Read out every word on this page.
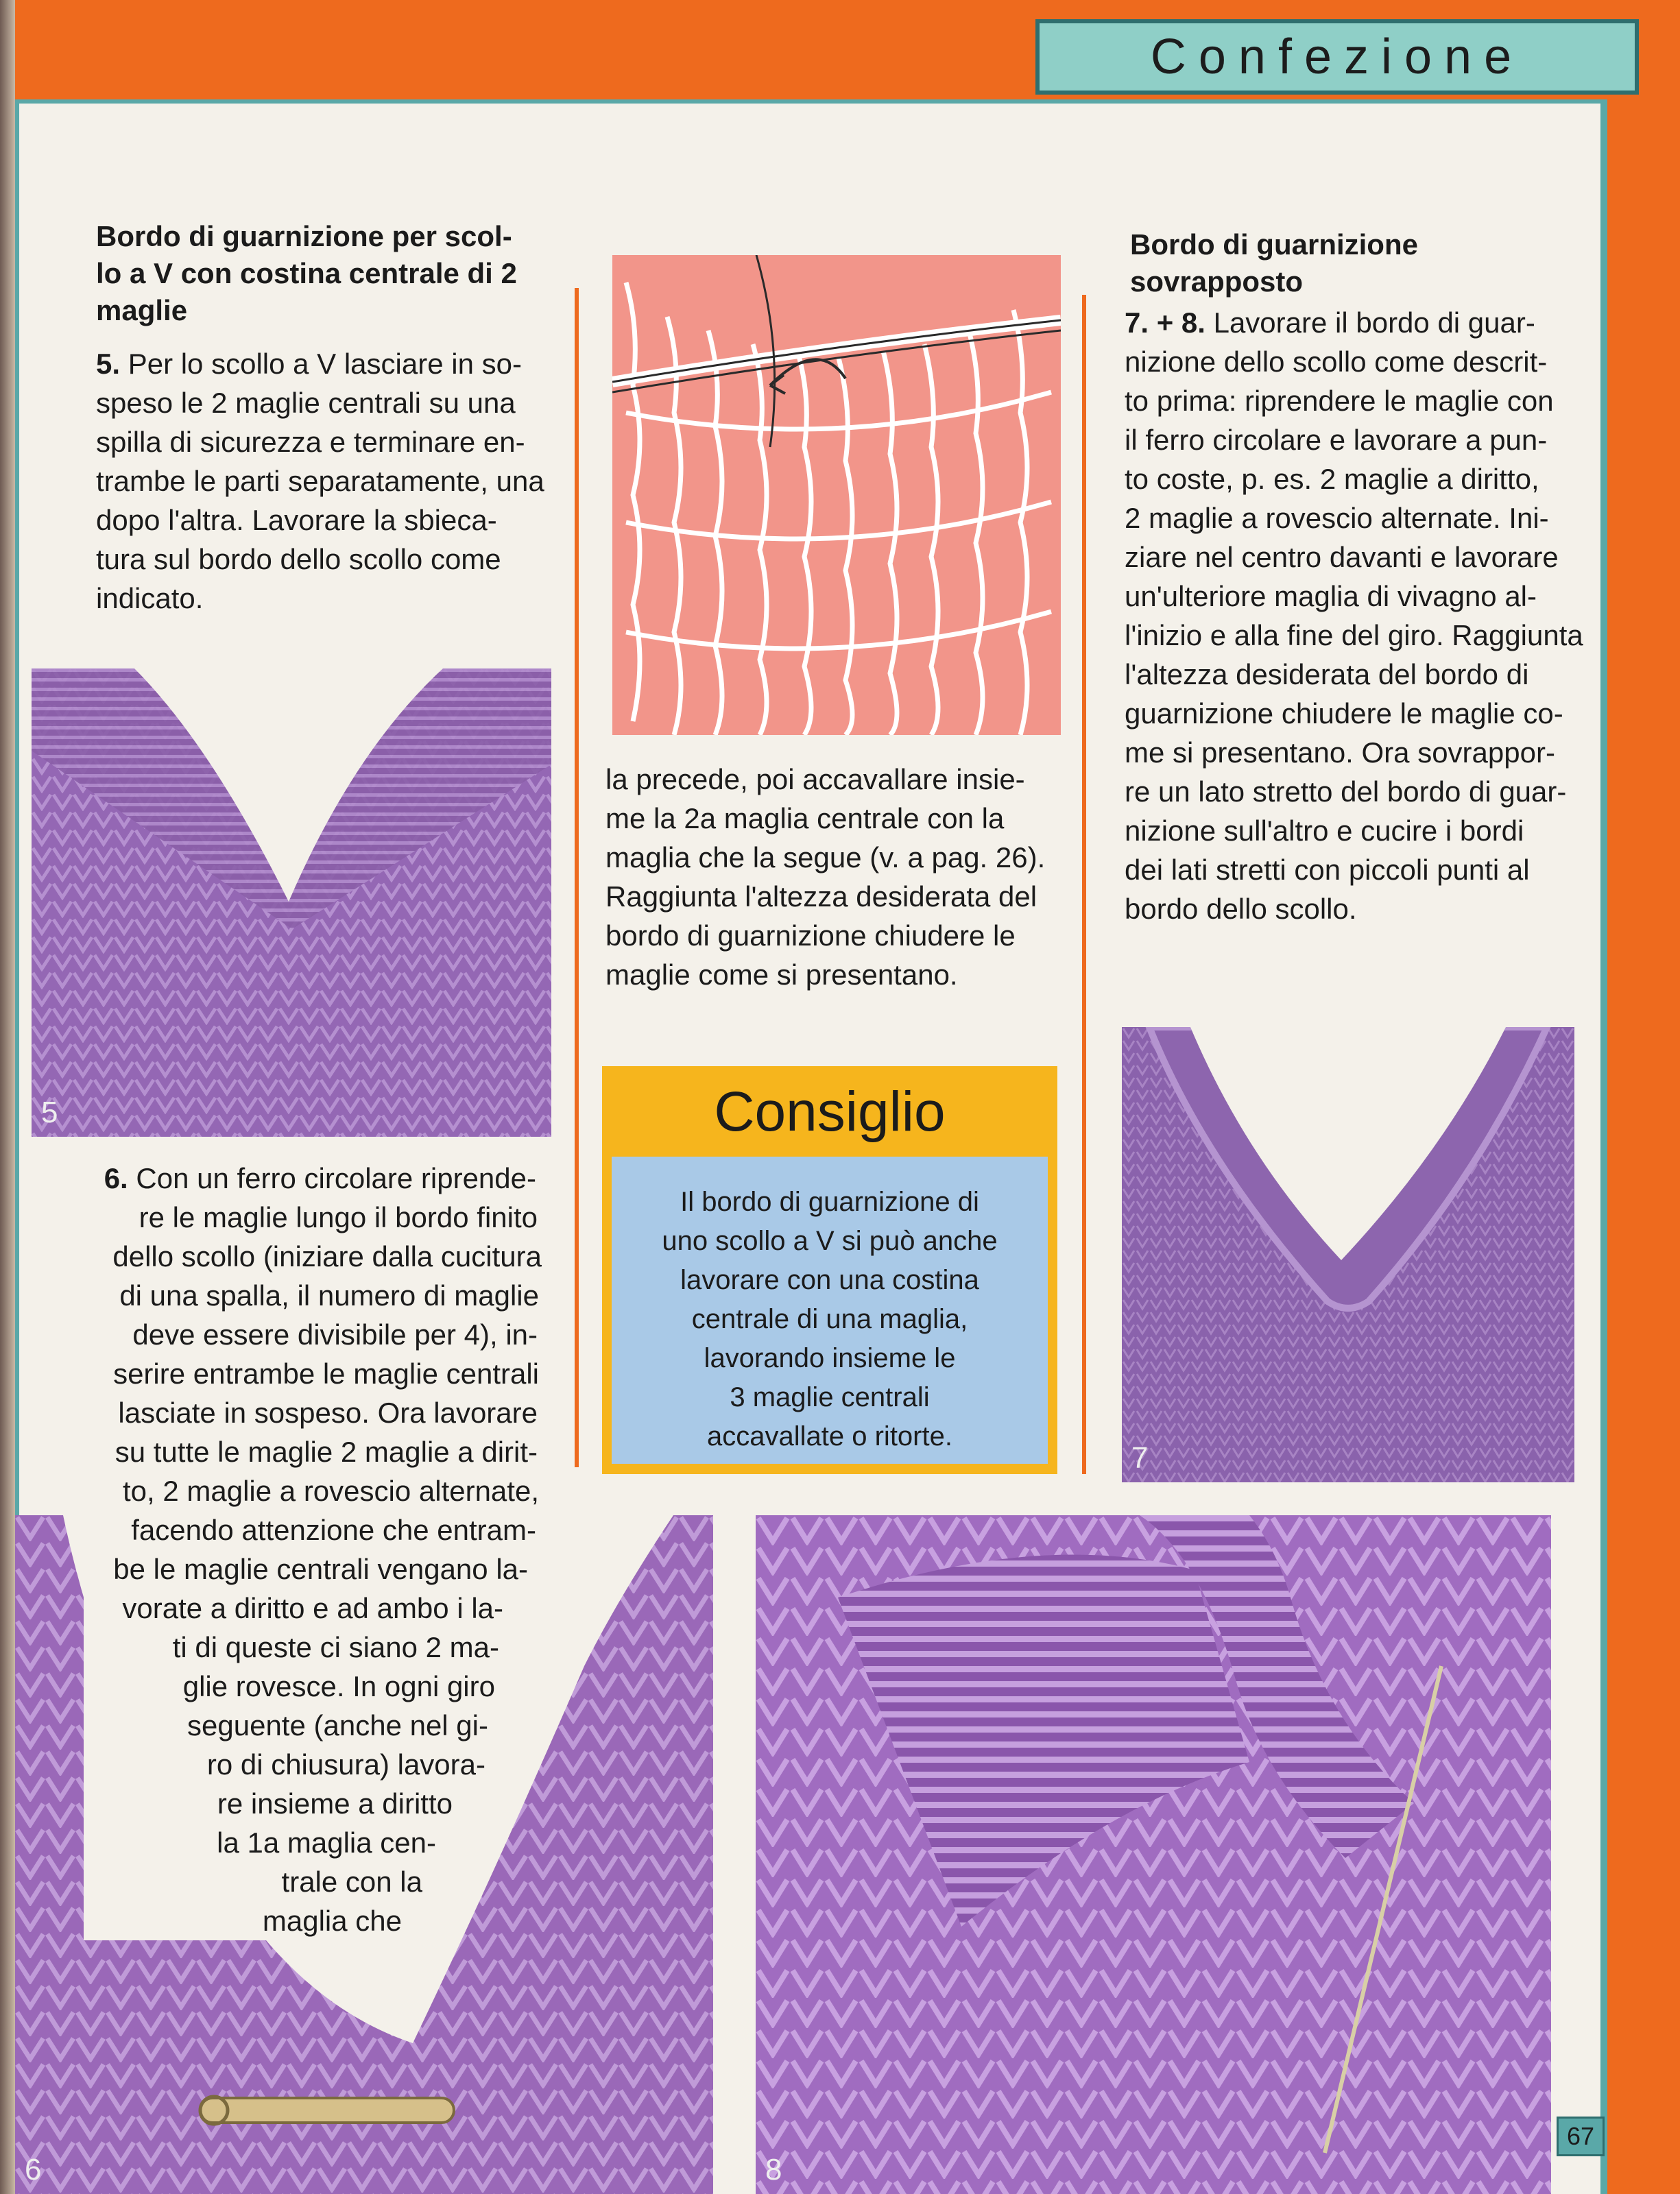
Confezione
Bordo di guarnizione per scol-
lo a V con costina centrale di 2
maglie
5. Per lo scollo a V lasciare in so-
speso le 2 maglie centrali su una
spilla di sicurezza e terminare en-
trambe le parti separatamente, una
dopo l'altra. Lavorare la sbieca-
tura sul bordo dello scollo come
indicato.
5
6. Con un ferro circolare riprende-
6
re le maglie lungo il bordo finito
dello scollo (iniziare dalla cucitura
di una spalla, il numero di maglie
deve essere divisibile per 4), in-
serire entrambe le maglie centrali
lasciate in sospeso. Ora lavorare
su tutte le maglie 2 maglie a dirit-
to, 2 maglie a rovescio alternate,
facendo attenzione che entram-
be le maglie centrali vengano la-
vorate a diritto e ad ambo i la-
ti di queste ci siano 2 ma-
glie rovesce. In ogni giro
seguente (anche nel gi-
ro di chiusura) lavora-
re insieme a diritto
la 1a maglia cen-
trale con la
maglia che
la precede, poi accavallare insie-
me la 2a maglia centrale con la
maglia che la segue (v. a pag. 26).
Raggiunta l'altezza desiderata del
bordo di guarnizione chiudere le
maglie come si presentano.
Consiglio
Il bordo di guarnizione di
uno scollo a V si può anche
lavorare con una costina
centrale di una maglia,
lavorando insieme le
3 maglie centrali
accavallate o ritorte.
Bordo di guarnizione
sovrapposto
7. + 8. Lavorare il bordo di guar-
nizione dello scollo come descrit-
to prima: riprendere le maglie con
il ferro circolare e lavorare a pun-
to coste, p. es. 2 maglie a diritto,
2 maglie a rovescio alternate. Ini-
ziare nel centro davanti e lavorare
un'ulteriore maglia di vivagno al-
l'inizio e alla fine del giro. Raggiunta
l'altezza desiderata del bordo di
guarnizione chiudere le maglie co-
me si presentano. Ora sovrappor-
re un lato stretto del bordo di guar-
nizione sull'altro e cucire i bordi
dei lati stretti con piccoli punti al
bordo dello scollo.
7
8
67
